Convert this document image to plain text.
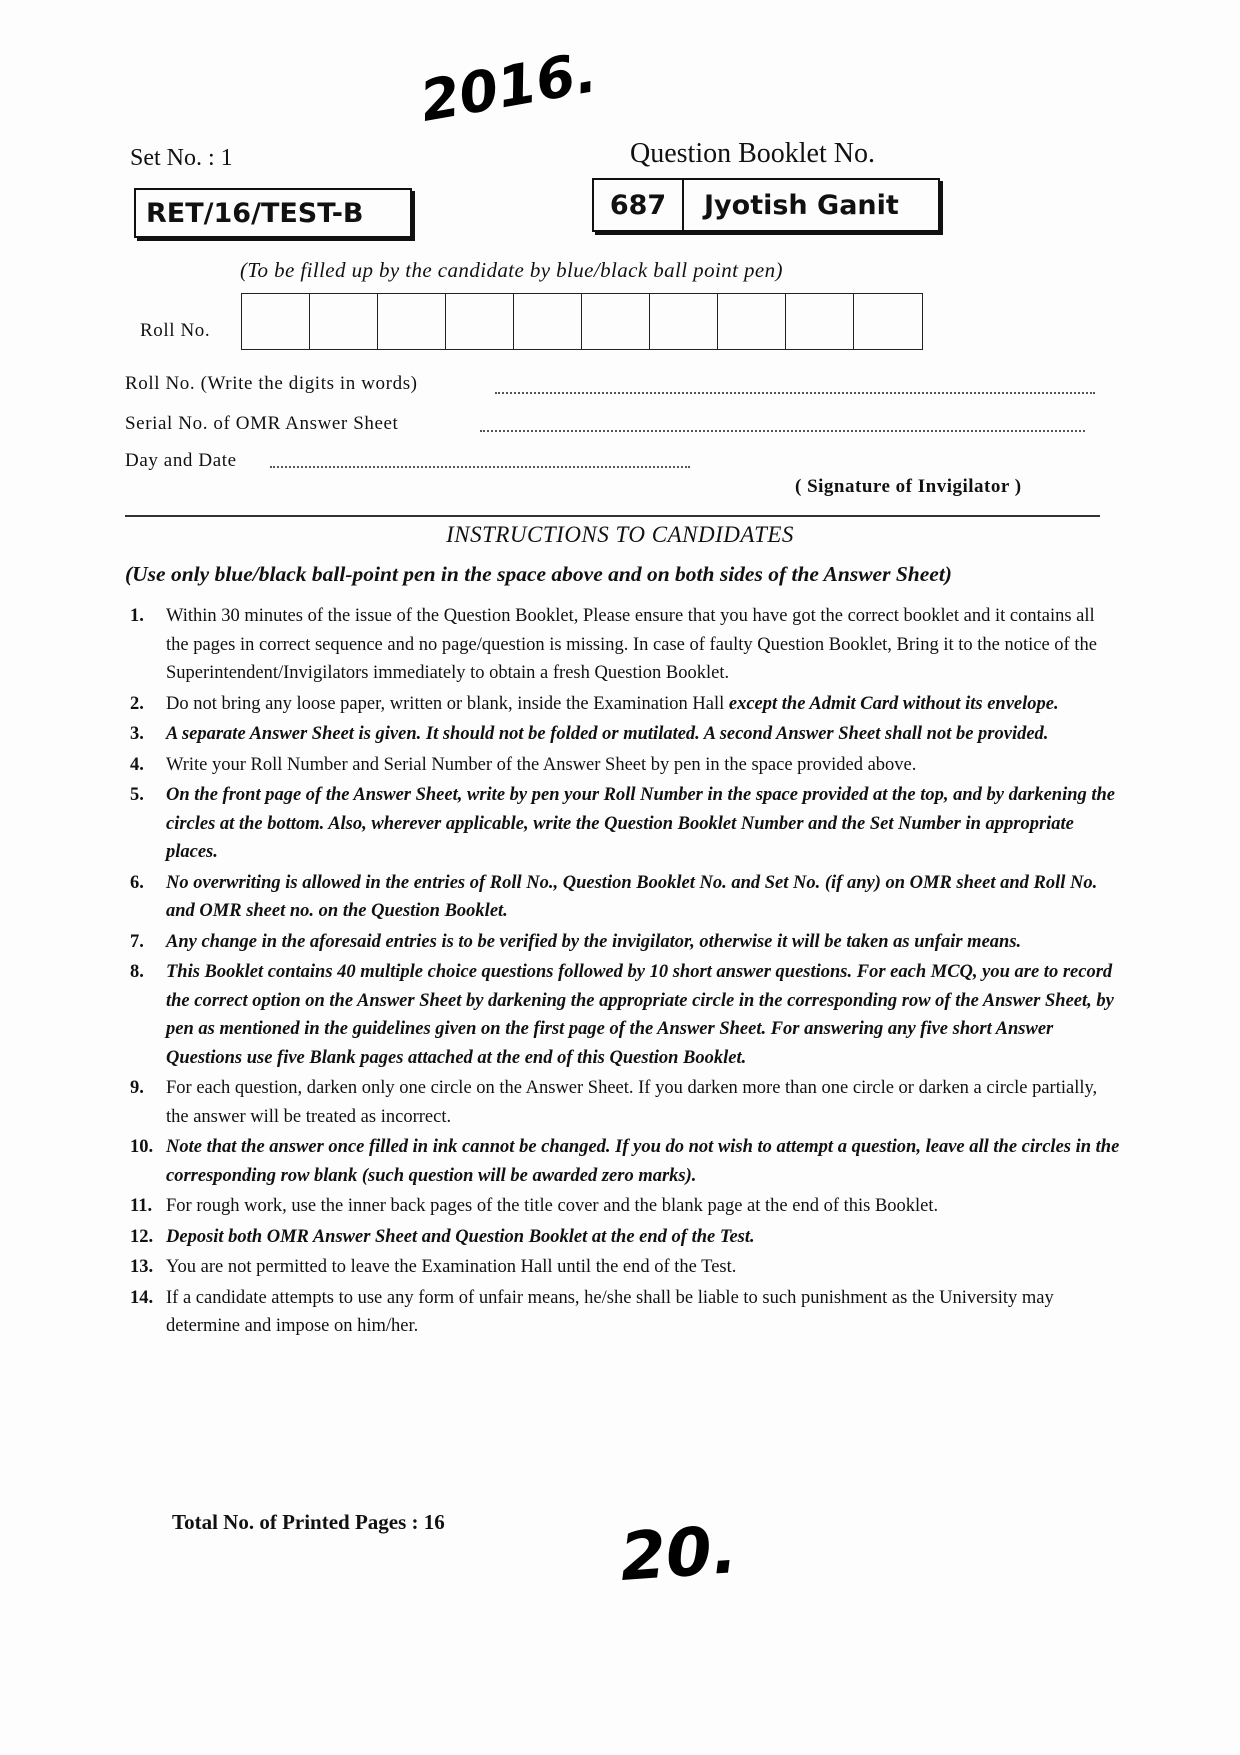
2016.
Set No. : 1
RET/16/TEST-B
Question Booklet No.
687	Jyotish Ganit
(To be filled up by the candidate by blue/black ball point pen)
Roll No.
Roll No. (Write the digits in words)
Serial No. of OMR Answer Sheet
Day and Date
( Signature of Invigilator )
INSTRUCTIONS TO CANDIDATES
(Use only blue/black ball-point pen in the space above and on both sides of the Answer Sheet)
1.	Within 30 minutes of the issue of the Question Booklet, Please ensure that you have got the correct booklet and it contains all the pages in correct sequence and no page/question is missing. In case of faulty Question Booklet, Bring it to the notice of the Superintendent/Invigilators immediately to obtain a fresh Question Booklet.
2.	Do not bring any loose paper, written or blank, inside the Examination Hall except the Admit Card without its envelope.
3.	A separate Answer Sheet is given. It should not be folded or mutilated. A second Answer Sheet shall not be provided.
4.	Write your Roll Number and Serial Number of the Answer Sheet by pen in the space provided above.
5.	On the front page of the Answer Sheet, write by pen your Roll Number in the space provided at the top, and by darkening the circles at the bottom. Also, wherever applicable, write the Question Booklet Number and the Set Number in appropriate places.
6.	No overwriting is allowed in the entries of Roll No., Question Booklet No. and Set No. (if any) on OMR sheet and Roll No. and OMR sheet no. on the Question Booklet.
7.	Any change in the aforesaid entries is to be verified by the invigilator, otherwise it will be taken as unfair means.
8.	This Booklet contains 40 multiple choice questions followed by 10 short answer questions. For each MCQ, you are to record the correct option on the Answer Sheet by darkening the appropriate circle in the corresponding row of the Answer Sheet, by pen as mentioned in the guidelines given on the first page of the Answer Sheet. For answering any five short Answer Questions use five Blank pages attached at the end of this Question Booklet.
9.	For each question, darken only one circle on the Answer Sheet. If you darken more than one circle or darken a circle partially, the answer will be treated as incorrect.
10. Note that the answer once filled in ink cannot be changed. If you do not wish to attempt a question, leave all the circles in the corresponding row blank (such question will be awarded zero marks).
11. For rough work, use the inner back pages of the title cover and the blank page at the end of this Booklet.
12. Deposit both OMR Answer Sheet and Question Booklet at the end of the Test.
13. You are not permitted to leave the Examination Hall until the end of the Test.
14. If a candidate attempts to use any form of unfair means, he/she shall be liable to such punishment as the University may determine and impose on him/her.
Total No. of Printed Pages : 16	20.
